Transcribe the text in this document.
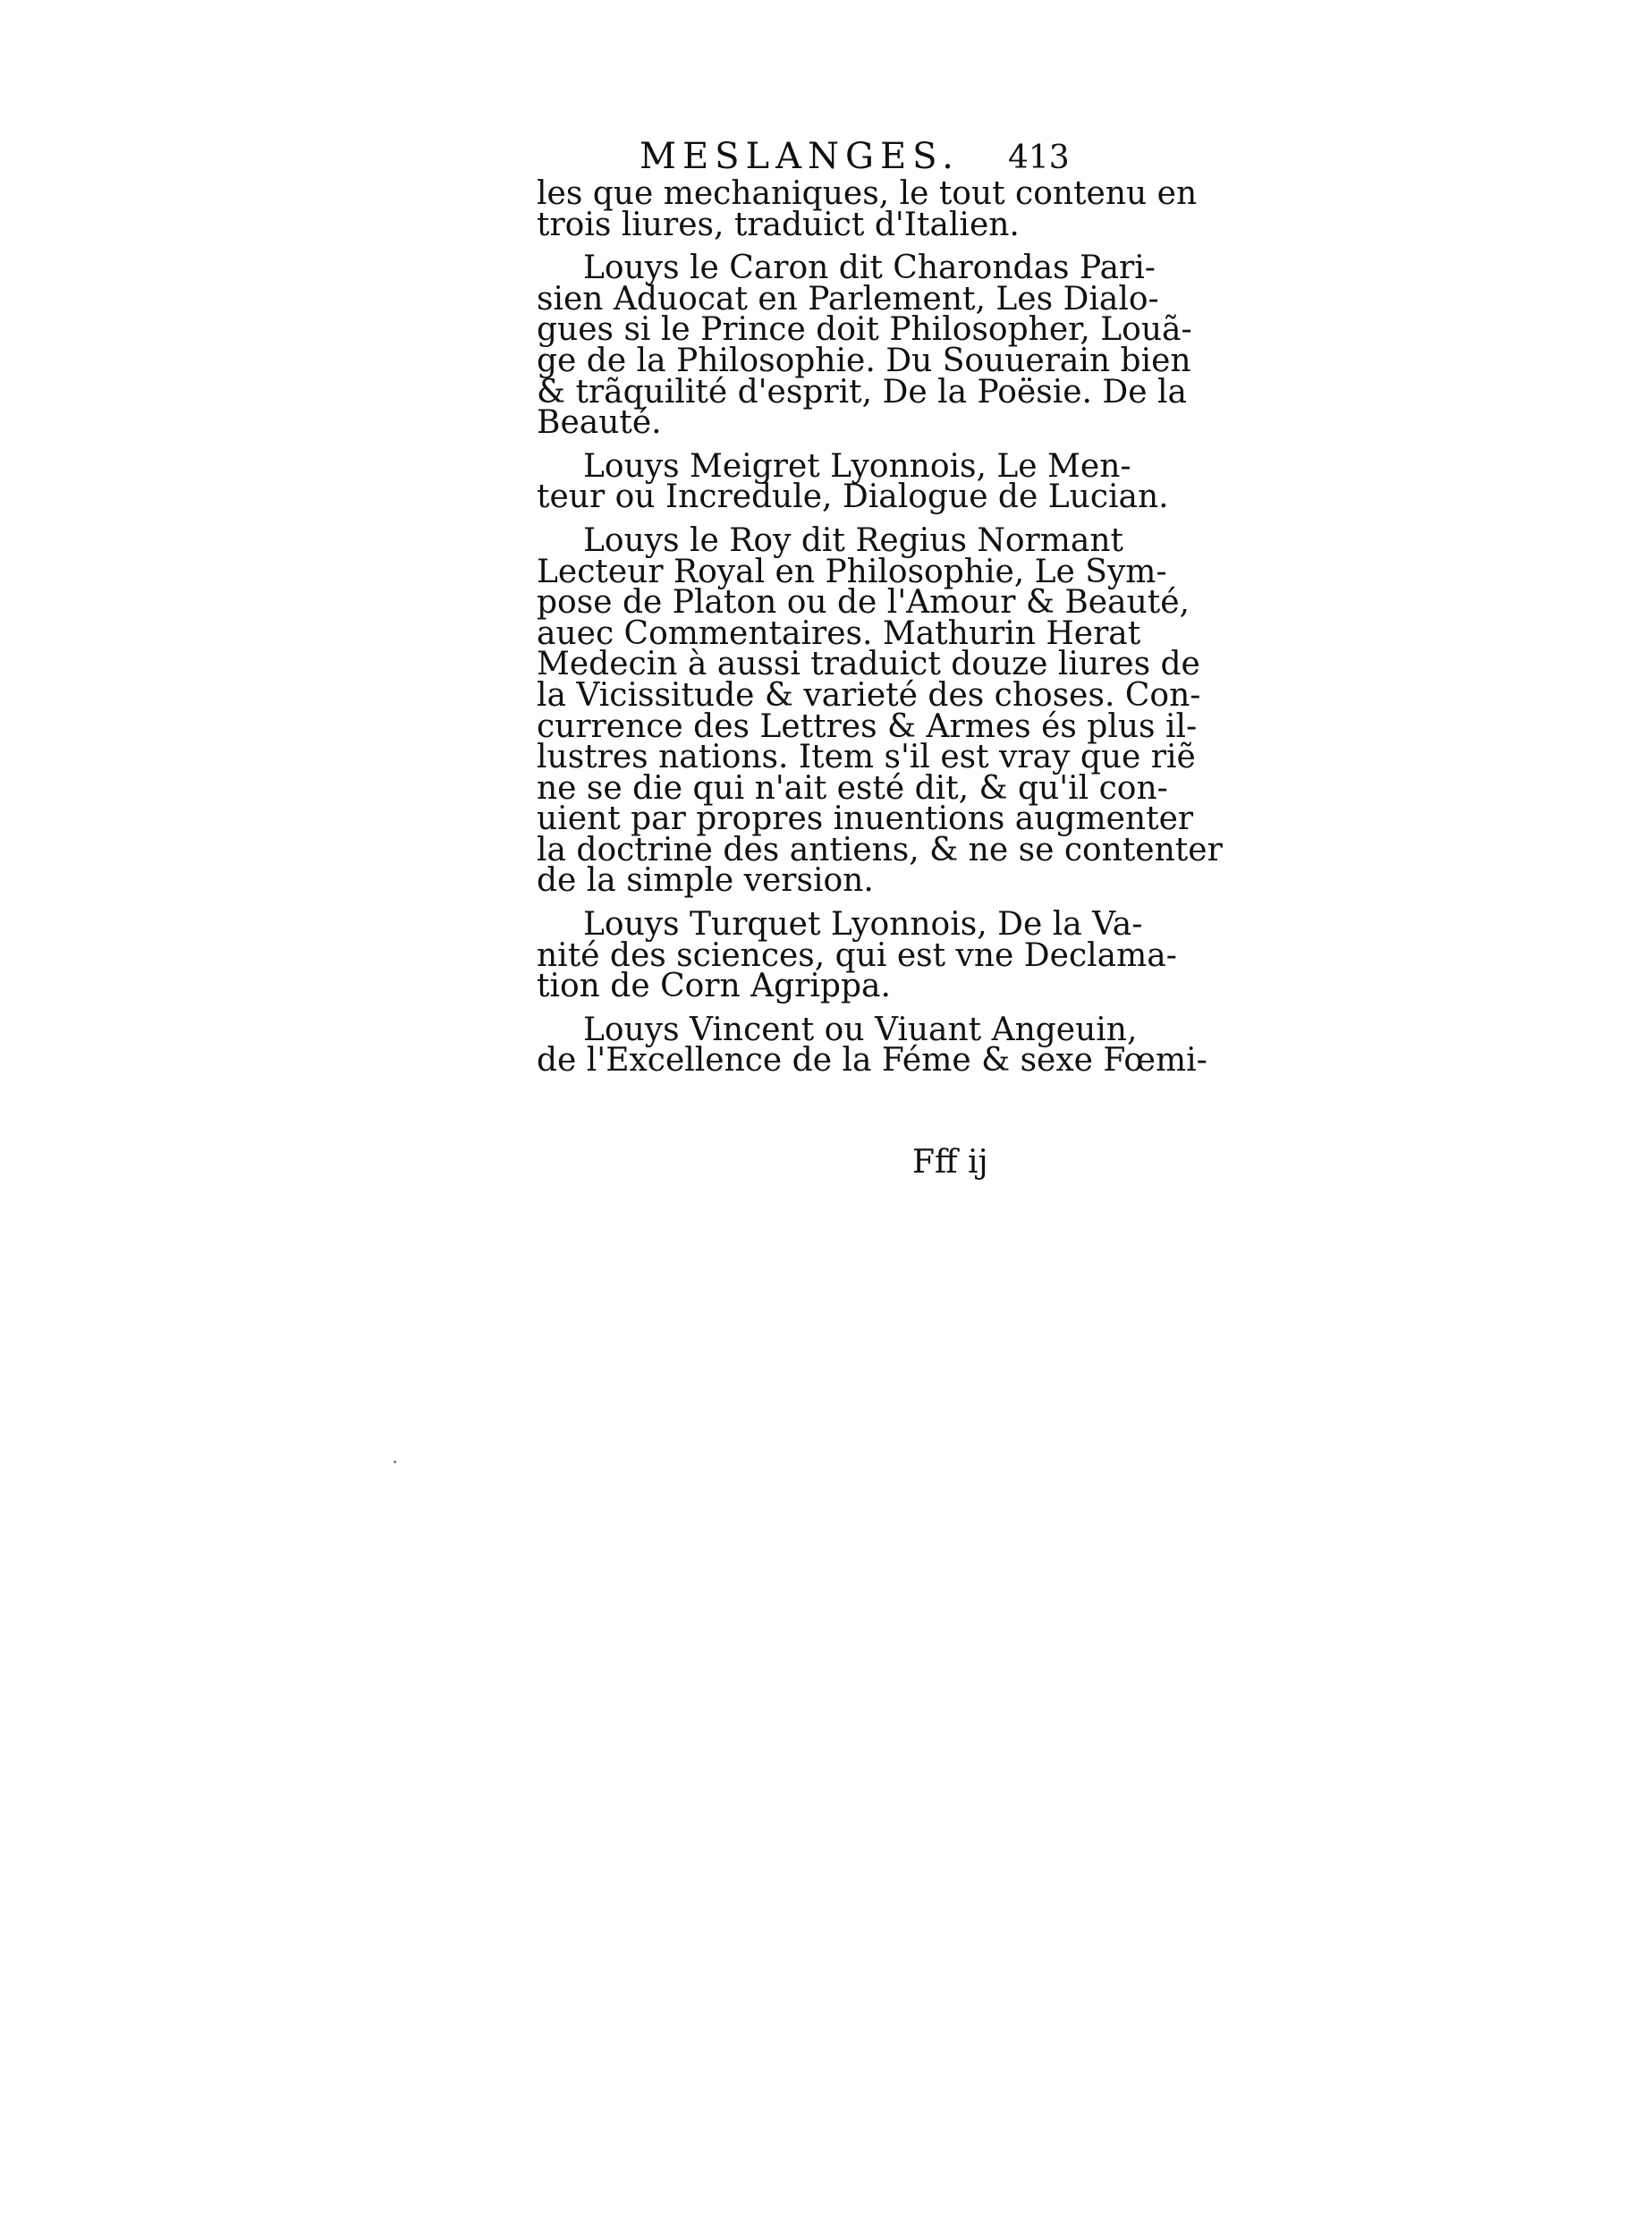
MESLANGES. 413
les que mechaniques, le tout contenu en
trois liures, traduict d'Italien.
Louys le Caron dit Charondas Pari-
sien Aduocat en Parlement, Les Dialo-
gues si le Prince doit Philosopher, Louã-
ge de la Philosophie. Du Souuerain bien
& trãquilité d'esprit, De la Poësie. De la
Beauté.
Louys Meigret Lyonnois, Le Men-
teur ou Incredule, Dialogue de Lucian.
Louys le Roy dit Regius Normant
Lecteur Royal en Philosophie, Le Sym-
pose de Platon ou de l'Amour & Beauté,
auec Commentaires. Mathurin Herat
Medecin à aussi traduict douze liures de
la Vicissitude & varieté des choses. Con-
currence des Lettres & Armes és plus il-
lustres nations. Item s'il est vray que riẽ
ne se die qui n'ait esté dit, & qu'il con-
uient par propres inuentions augmenter
la doctrine des antiens, & ne se contenter
de la simple version.
Louys Turquet Lyonnois, De la Va-
nité des sciences, qui est vne Declama-
tion de Corn Agrippa.
Louys Vincent ou Viuant Angeuin,
de l'Excellence de la Féme & sexe Fœmi-
Fff ij
